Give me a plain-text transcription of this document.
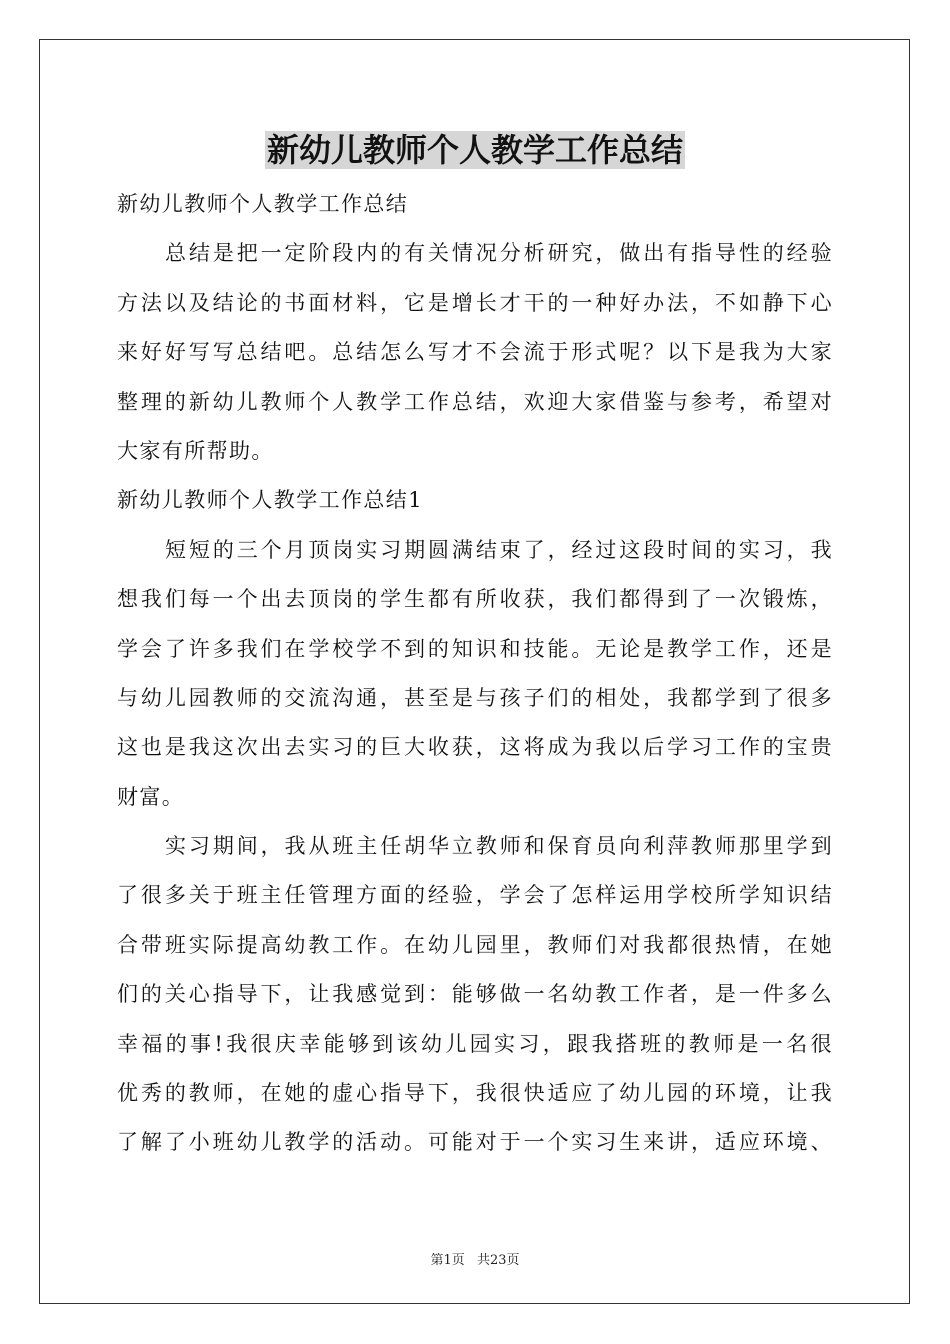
新幼儿教师个人教学工作总结
新幼儿教师个人教学工作总结
总结是把一定阶段内的有关情况分析研究，做出有指导性的经验
方法以及结论的书面材料，它是增长才干的一种好办法，不如静下心
来好好写写总结吧。总结怎么写才不会流于形式呢？以下是我为大家
整理的新幼儿教师个人教学工作总结，欢迎大家借鉴与参考，希望对
大家有所帮助。
新幼儿教师个人教学工作总结1
短短的三个月顶岗实习期圆满结束了，经过这段时间的实习，我
想我们每一个出去顶岗的学生都有所收获，我们都得到了一次锻炼，
学会了许多我们在学校学不到的知识和技能。无论是教学工作，还是
与幼儿园教师的交流沟通，甚至是与孩子们的相处，我都学到了很多
这也是我这次出去实习的巨大收获，这将成为我以后学习工作的宝贵
财富。
实习期间，我从班主任胡华立教师和保育员向利萍教师那里学到
了很多关于班主任管理方面的经验，学会了怎样运用学校所学知识结
合带班实际提高幼教工作。在幼儿园里，教师们对我都很热情，在她
们的关心指导下，让我感觉到：能够做一名幼教工作者，是一件多么
幸福的事!我很庆幸能够到该幼儿园实习，跟我搭班的教师是一名很
优秀的教师，在她的虚心指导下，我很快适应了幼儿园的环境，让我
了解了小班幼儿教学的活动。可能对于一个实习生来讲，适应环境、
第1页 共23页
